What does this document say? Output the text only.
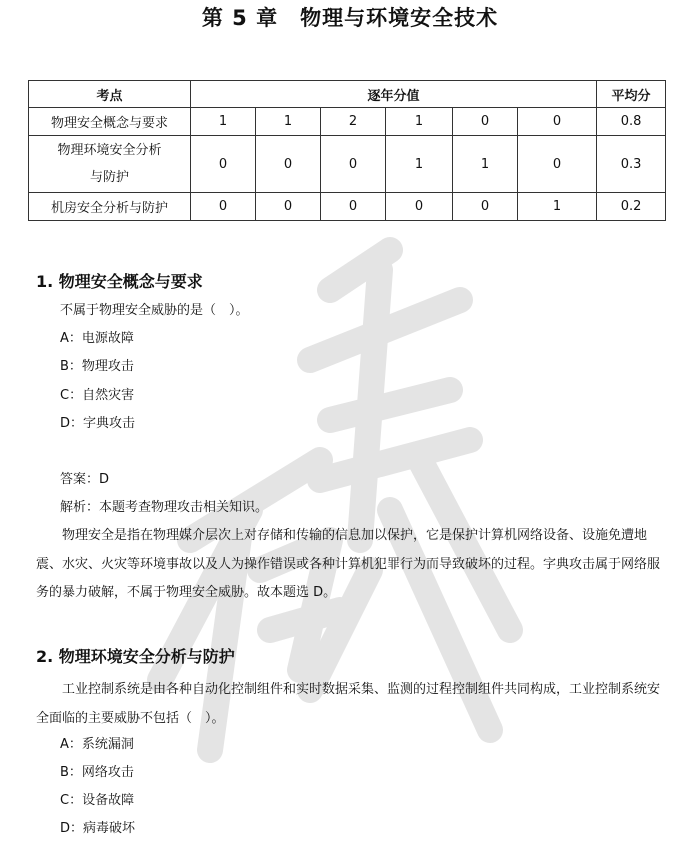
第 5 章　物理与环境安全技术
考点	逐年分值						平均分
物理安全概念与要求	1	1	2	1	0	0	0.8
物理环境安全分析
与防护	0	0	0	1	1	0	0.3
机房安全分析与防护	0	0	0	0	0	1	0.2
1. 物理安全概念与要求
不属于物理安全威胁的是（　）。
A：电源故障
B：物理攻击
C：自然灾害
D：字典攻击
答案：D
解析：本题考查物理攻击相关知识。
物理安全是指在物理媒介层次上对存储和传输的信息加以保护，它是保护计算机网络设备、设施免遭地震、水灾、火灾等环境事故以及人为操作错误或各种计算机犯罪行为而导致破坏的过程。字典攻击属于网络服务的暴力破解，不属于物理安全威胁。故本题选 D。
2. 物理环境安全分析与防护
工业控制系统是由各种自动化控制组件和实时数据采集、监测的过程控制组件共同构成，工业控制系统安全面临的主要威胁不包括（　）。
A：系统漏洞
B：网络攻击
C：设备故障
D：病毒破坏
